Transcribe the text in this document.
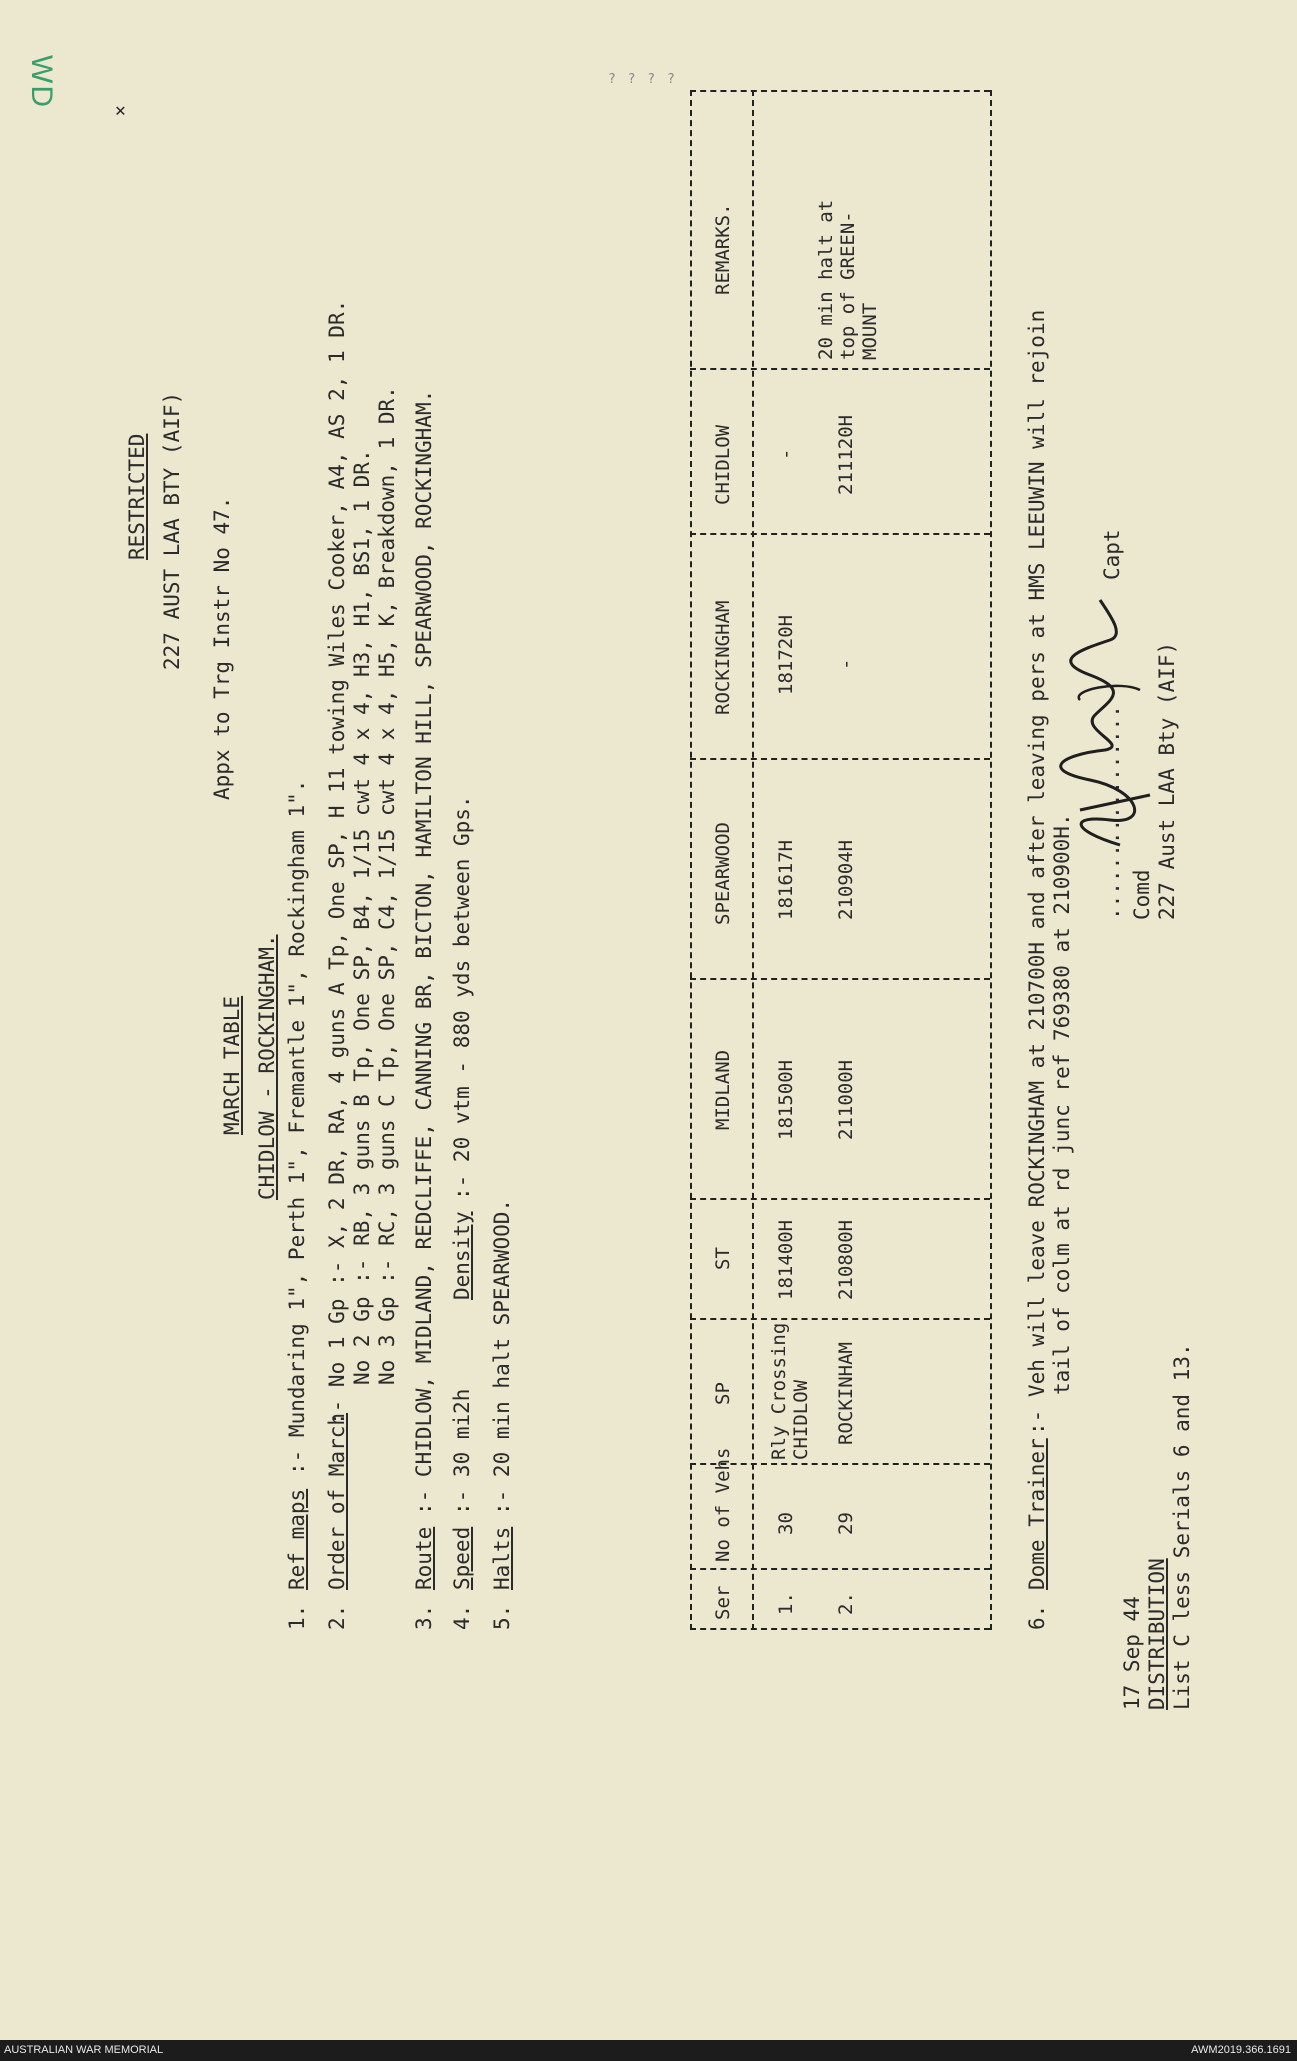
WD
✕
? ? ? ?
RESTRICTED 227 AUST LAA BTY (AIF) Appx to Trg Instr No 47.
MARCH TABLE CHIDLOW - ROCKINGHAM.
1.
Ref maps
:- Mundaring 1", Perth 1", Fremantle 1", Rockingham 1".
2.
Order of March
:- No 1 Gp :- X, 2 DR, RA, 4 guns A Tp, One SP, H 11 towing Wiles Cooker, A4, AS 2, 1 DR. No 2 Gp :- RB, 3 guns B Tp, One SP, B4, 1/15 cwt 4 x 4, H3, H1, BS1, 1 DR. No 3 Gp :- RC, 3 guns C Tp, One SP, C4, 1/15 cwt 4 x 4, H5, K, Breakdown, 1 DR.
3.
Route
:- CHIDLOW, MIDLAND, REDCLIFFE, CANNING BR, BICTON, HAMILTON HILL, SPEARWOOD, ROCKINGHAM.
4.
Speed
:- 30 mi2h
Density
:- 20 vtm - 880 yds between Gps.
5.
Halts
:- 20 min halt SPEARWOOD.
Ser
No of Vehs
SP
ST
MIDLAND
SPEARWOOD
ROCKINGHAM
CHIDLOW
REMARKS.
1.
30
Rly Crossing
CHIDLOW
181400H
181500H
181617H
181720H
-
2.
29
ROCKINHAM
210800H
211000H
210904H
-
211120H
20 min halt at
top of GREEN-
MOUNT
6.
Dome Trainer
:- Veh will leave ROCKINGHAM at 210700H and after leaving pers at HMS LEEUWIN will rejoin tail of colm at rd junc ref 769380 at 210900H.
.................
Capt
Comd 227 Aust LAA Bty (AIF)
17 Sep 44 DISTRIBUTION List C less Serials 6 and 13.
AUSTRALIAN WAR MEMORIAL	AWM2019.366.1691
